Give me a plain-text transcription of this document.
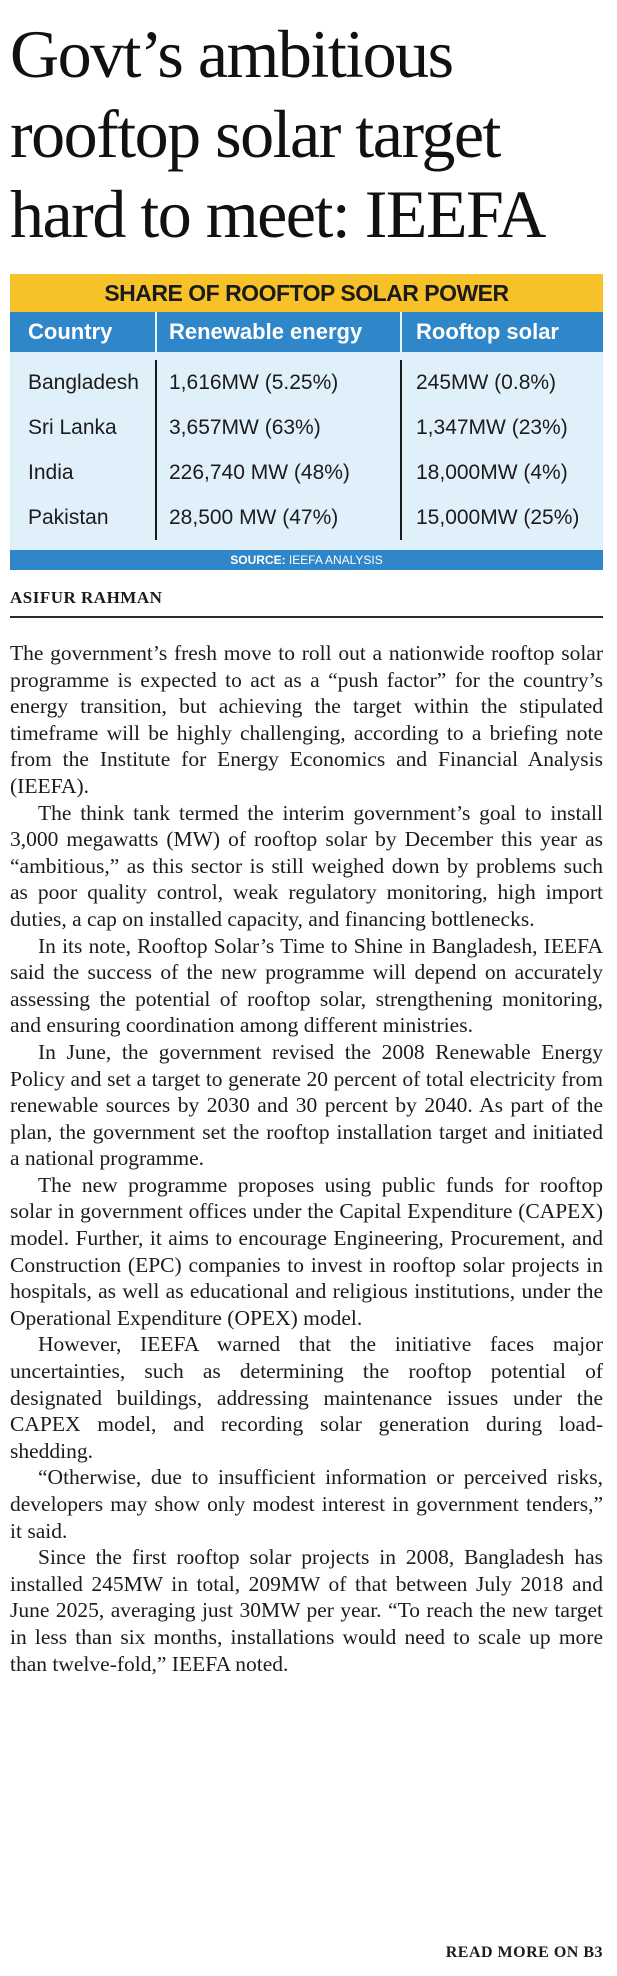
Govt’s ambitious
rooftop solar target
hard to meet: IEEFA
SHARE OF ROOFTOP SOLAR POWER
Country	Renewable energy	Rooftop solar
Bangladesh	1,616MW (5.25%)	245MW (0.8%)
Sri Lanka	3,657MW (63%)	1,347MW (23%)
India	226,740 MW (48%)	18,000MW (4%)
Pakistan	28,500 MW (47%)	15,000MW (25%)
SOURCE: IEEFA ANALYSIS
ASIFUR RAHMAN

The government’s fresh move to roll out a nationwide rooftop solar programme is expected to act as a “push factor” for the country’s energy transition, but achieving the target within the stipulated timeframe will be highly challenging, according to a briefing note from the Institute for Energy Economics and Financial Analysis (IEEFA).

The think tank termed the interim government’s goal to install 3,000 megawatts (MW) of rooftop solar by December this year as “ambitious,” as this sector is still weighed down by problems such as poor quality control, weak regulatory monitoring, high import duties, a cap on installed capacity, and financing bottlenecks.

In its note, Rooftop Solar’s Time to Shine in Bangladesh, IEEFA said the success of the new programme will depend on accurately assessing the potential of rooftop solar, strengthening monitoring, and ensuring coordination among different ministries.

In June, the government revised the 2008 Renewable Energy Policy and set a target to generate 20 percent of total electricity from renewable sources by 2030 and 30 percent by 2040. As part of the plan, the government set the rooftop installation target and initiated a national programme.

The new programme proposes using public funds for rooftop solar in government offices under the Capital Expenditure (CAPEX) model. Further, it aims to encourage Engineering, Procurement, and Construction (EPC) companies to invest in rooftop solar projects in hospitals, as well as educational and religious institutions, under the Operational Expenditure (OPEX) model.

However, IEEFA warned that the initiative faces major uncertainties, such as determining the rooftop potential of designated buildings, addressing maintenance issues under the CAPEX model, and recording solar generation during load-shedding.

“Otherwise, due to insufficient information or perceived risks, developers may show only modest interest in government tenders,” it said.

Since the first rooftop solar projects in 2008, Bangladesh has installed 245MW in total, 209MW of that between July 2018 and June 2025, averaging just 30MW per year. “To reach the new target in less than six months, installations would need to scale up more than twelve-fold,” IEEFA noted.

READ MORE ON B3
